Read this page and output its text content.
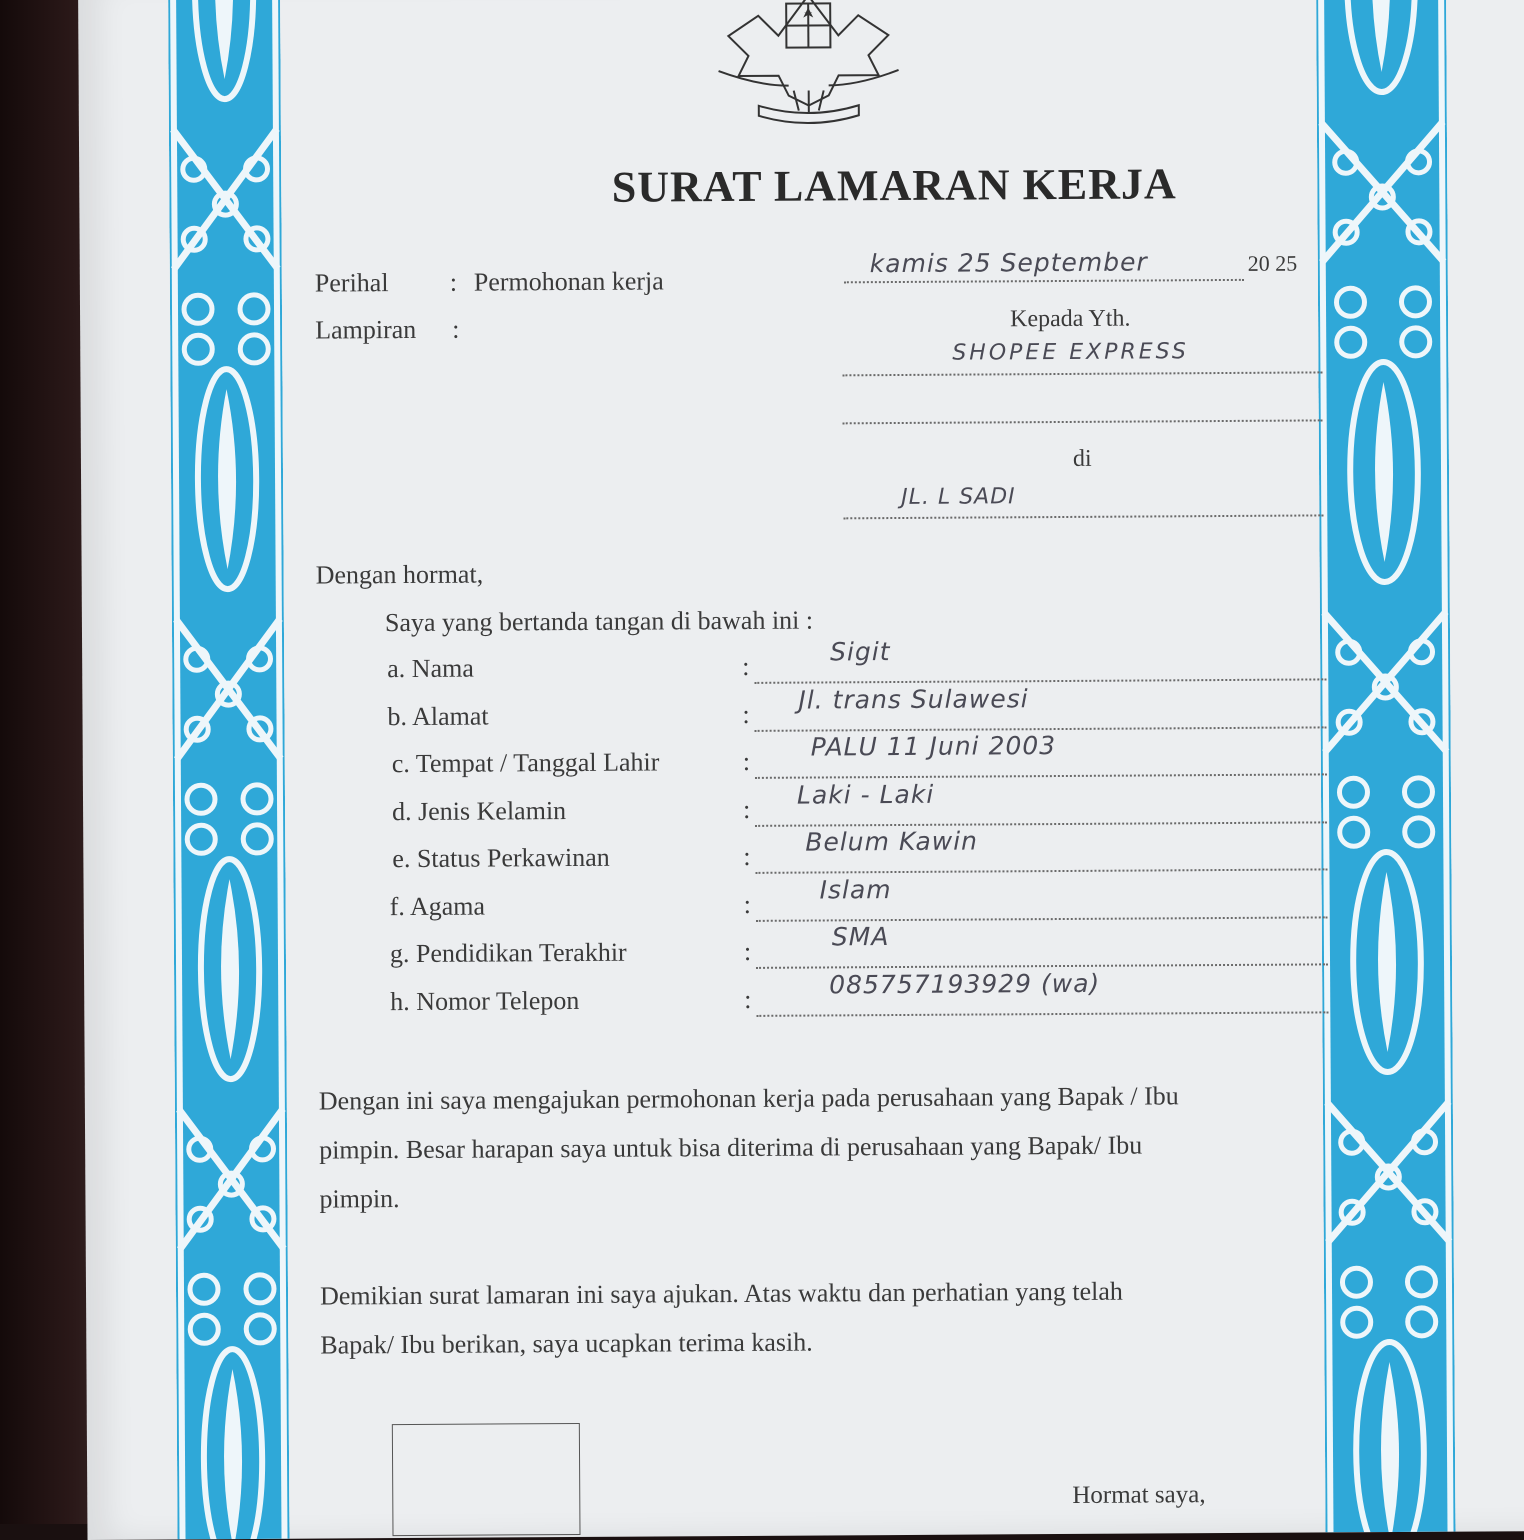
SURAT LAMARAN KERJA
Perihal : Permohonan kerja
Lampiran :
kamis 25 September	20 25
Kepada Yth.
SHOPEE EXPRESS
di
JL. L SADI
Dengan hormat,
Saya yang bertanda tangan di bawah ini :
a. Nama	:
Sigit
b. Alamat	: Jl. trans Sulawesi
c. Tempat / Tanggal Lahir	: PALU 11 Juni 2003
d. Jenis Kelamin	: Laki - Laki
e. Status Perkawinan	: Belum Kawin
f. Agama	:	Islam
g. Pendidikan Terakhir	:
SMA
h. Nomor Telepon	:	085757193929 (wa)
Dengan ini saya mengajukan permohonan kerja pada perusahaan yang Bapak / Ibu
pimpin. Besar harapan saya untuk bisa diterima di perusahaan yang Bapak/ Ibu
pimpin.
Demikian surat lamaran ini saya ajukan. Atas waktu dan perhatian yang telah
Bapak/ Ibu berikan, saya ucapkan terima kasih.
Hormat saya,
